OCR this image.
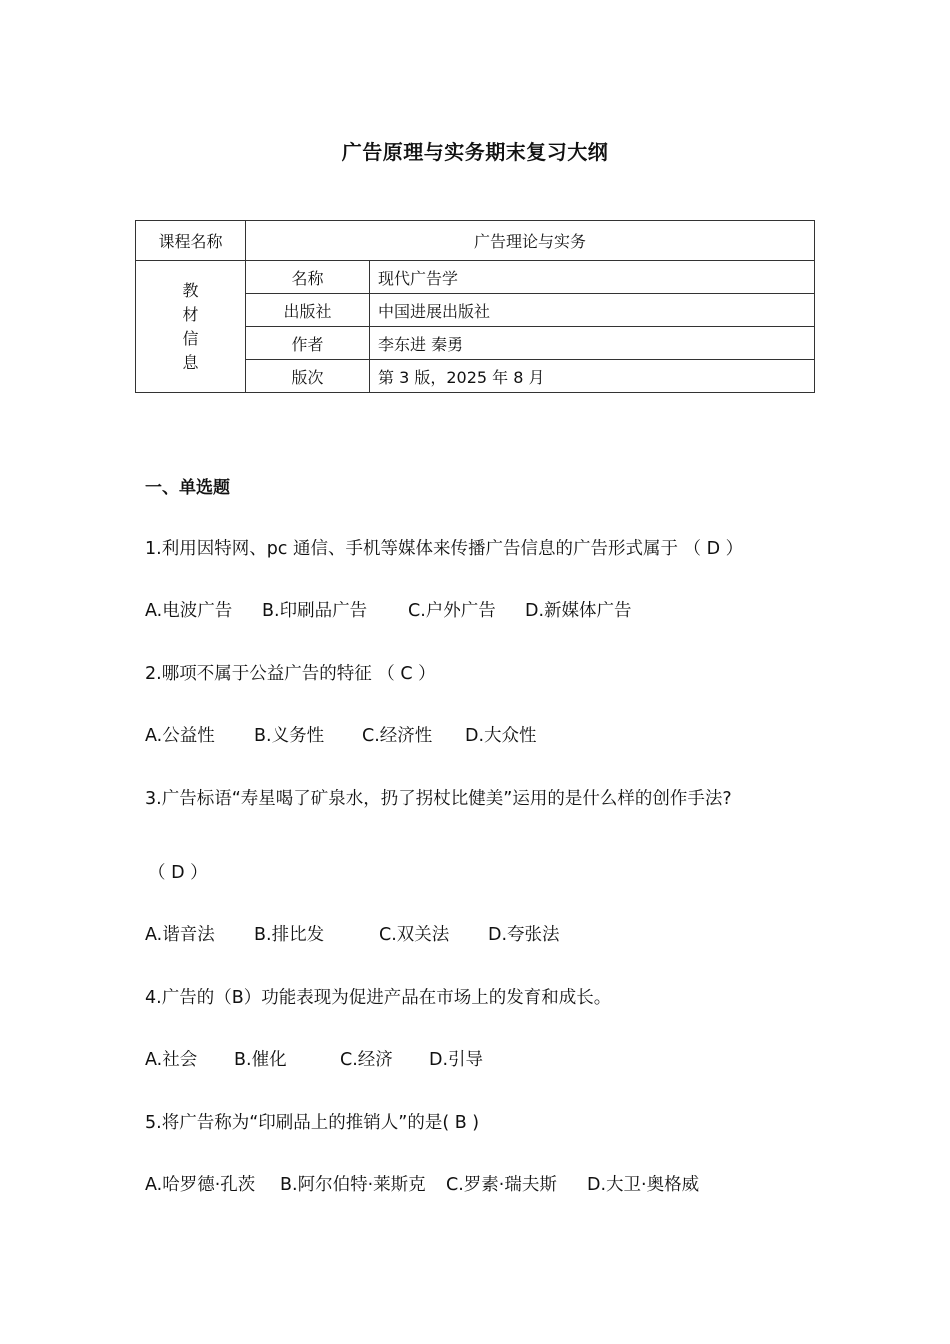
广告原理与实务期末复习大纲
课程名称	广告理论与实务	

教
材
信
息	名称	现代广告学
	出版社	中国进展出版社
	作者	李东进 秦勇
	版次	第 3 版，2025 年 8 月
一、单选题
1.利用因特网、pc 通信、手机等媒体来传播广告信息的广告形式属于 （ D ）
A.电波广告 B.印刷品广告 C.户外广告 D.新媒体广告
2.哪项不属于公益广告的特征 （ C ）
A.公益性 B.义务性 C.经济性 D.大众性
3.广告标语“寿星喝了矿泉水，扔了拐杖比健美”运用的是什么样的创作手法?
（ D ）
A.谐音法 B.排比发	C.双关法 D.夸张法
4.广告的（B）功能表现为促进产品在市场上的发育和成长。
A.社会 B.催化	C.经济 D.引导
5.将广告称为“印刷品上的推销人”的是( B )
A.哈罗德·孔茨 B.阿尔伯特·莱斯克 C.罗素·瑞夫斯 D.大卫·奥格威
